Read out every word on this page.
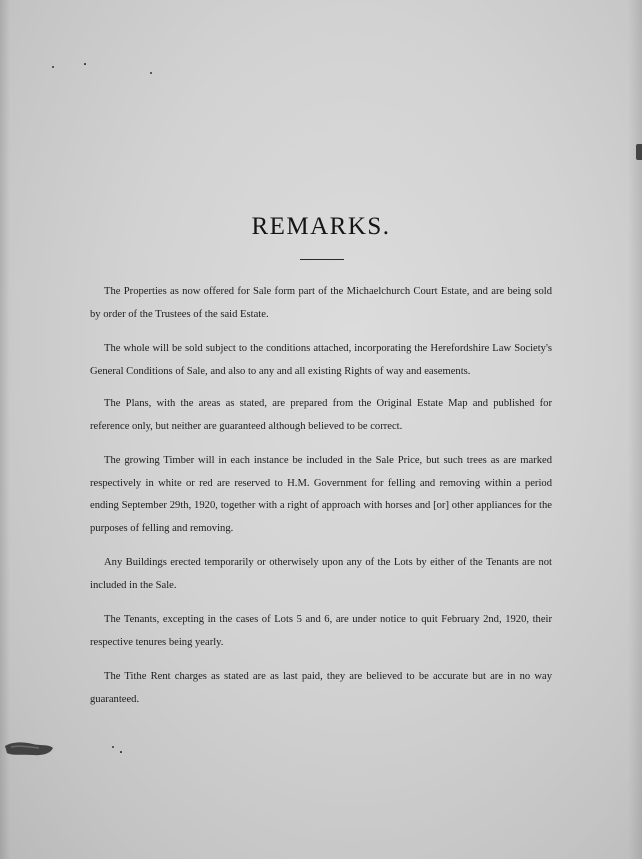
REMARKS.

The Properties as now offered for Sale form part of the Michaelchurch Court Estate, and are being sold by order of the Trustees of the said Estate.

The whole will be sold subject to the conditions attached, incorporating the Herefordshire Law Society's General Conditions of Sale, and also to any and all existing Rights of way and easements.

The Plans, with the areas as stated, are prepared from the Original Estate Map and published for reference only, but neither are guaranteed although believed to be correct.

The growing Timber will in each instance be included in the Sale Price, but such trees as are marked respectively in white or red are reserved to H.M. Government for felling and removing within a period ending September 29th, 1920, together with a right of approach with horses and [or] other appliances for the purposes of felling and removing.

Any Buildings erected temporarily or otherwisely upon any of the Lots by either of the Tenants are not included in the Sale.

The Tenants, excepting in the cases of Lots 5 and 6, are under notice to quit February 2nd, 1920, their respective tenures being yearly.

The Tithe Rent charges as stated are as last paid, they are believed to be accurate but are in no way guaranteed.
